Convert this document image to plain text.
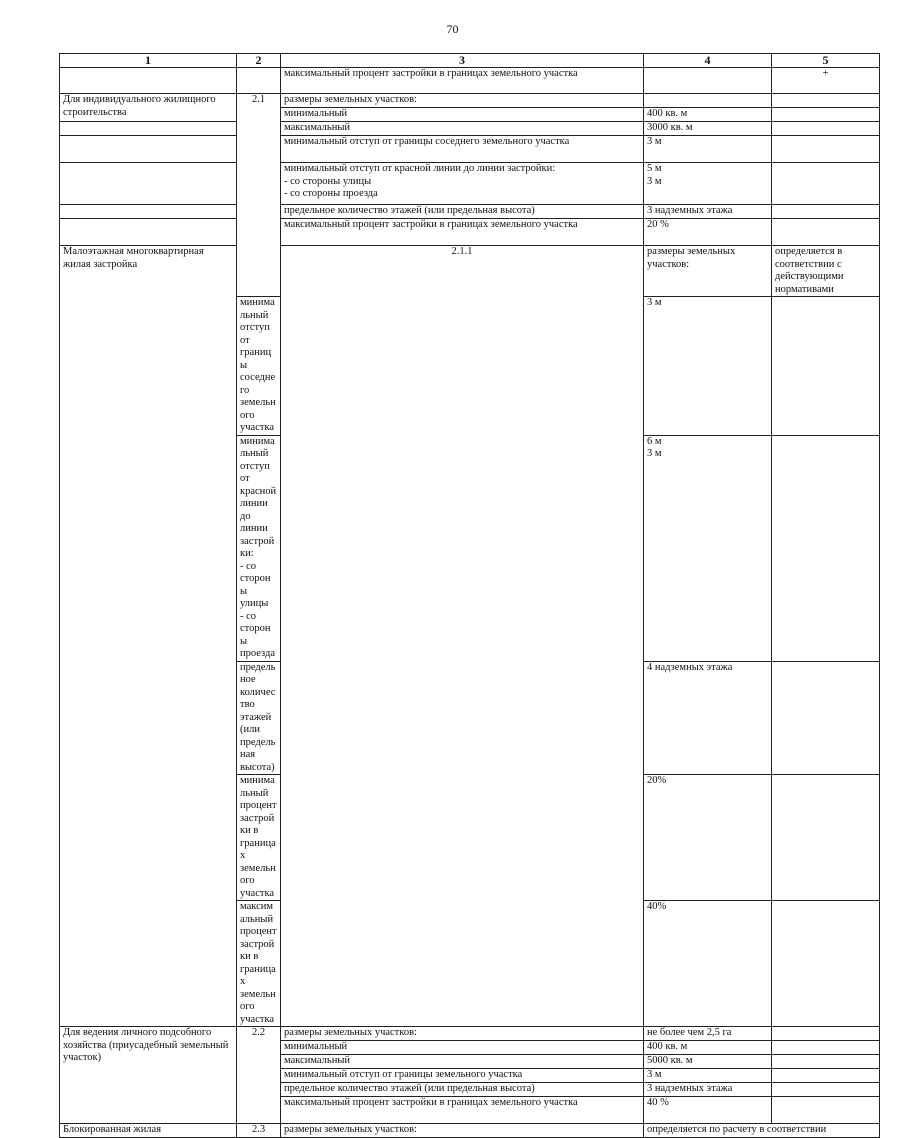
70
1	2	3	4	5
		максимальный процент застройки в границах земельного участка		+
Для индивидуального жилищного строительства	2.1	размеры земельных участков:		
		минимальный	400 кв. м	
		максимальный	3000 кв. м	
		минимальный отступ от границы соседнего земельного участка	3 м	

		минимальный отступ от красной линии до линии застройки:
- со стороны улицы
- со стороны проезда	5 м
3 м	

		предельное количество этажей (или предельная высота)	3 надземных этажа	
		максимальный процент застройки в границах земельного участка	20 %	
Малоэтажная многоквартирная жилая застройка		2.1.1	размеры земельных участков:	определяется в соответствии с действующими нормативами
	минимальный отступ от границы соседнего земельного участка		3 м	

	минимальный отступ от красной линии до линии застройки:
- со стороны улицы
- со стороны проезда		6 м
3 м	

	предельное количество этажей (или предельная высота)		4 надземных этажа	
	минимальный процент застройки в границах земельного участка		20%	
	максимальный процент застройки в границах земельного участка		40%	
Для ведения личного подсобного хозяйства (приусадебный земельный участок)	2.2	размеры земельных участков:	не более чем 2,5 га	
		минимальный	400 кв. м	
		максимальный	5000 кв. м	
		минимальный отступ от границы земельного участка	3 м	
		предельное количество этажей (или предельная высота)	3 надземных этажа	
		максимальный процент застройки в границах земельного участка	40 %	
Блокированная жилая	2.3	размеры земельных участков:	определяется по расчету в соответствии	
